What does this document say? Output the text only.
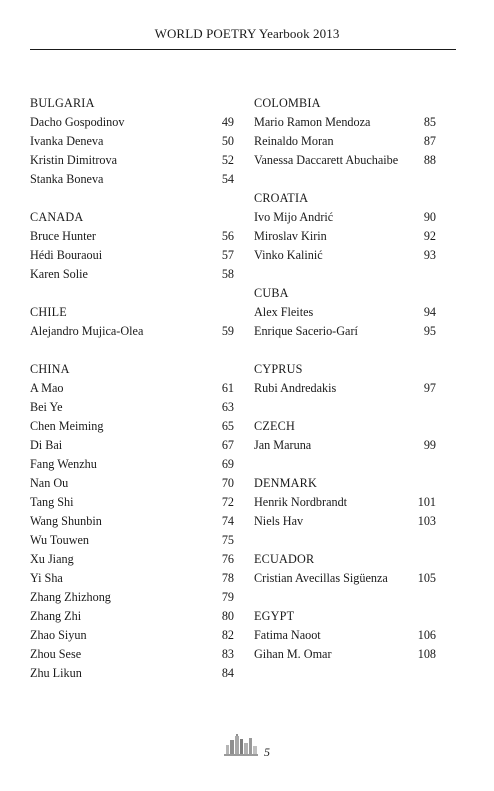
WORLD POETRY Yearbook 2013
BULGARIA
Dacho Gospodinov	49
Ivanka Deneva	50
Kristin Dimitrova	52
Stanka Boneva	54
CANADA
Bruce Hunter	56
Hédi Bouraoui	57
Karen Solie	58
CHILE
Alejandro Mujica-Olea	59
CHINA
A Mao	61
Bei Ye	63
Chen Meiming	65
Di Bai	67
Fang Wenzhu	69
Nan Ou	70
Tang Shi	72
Wang Shunbin	74
Wu Touwen	75
Xu Jiang	76
Yi Sha	78
Zhang Zhizhong	79
Zhang Zhi	80
Zhao Siyun	82
Zhou Sese	83
Zhu Likun	84
COLOMBIA
Mario Ramon Mendoza	85
Reinaldo Moran	87
Vanessa Daccarett Abuchaibe 88
CROATIA
Ivo Mijo Andrić	90
Miroslav Kirin	92
Vinko Kalinić	93
CUBA
Alex Fleites	94
Enrique Sacerio-Garí	95
CYPRUS
Rubi Andredakis	97
CZECH
Jan Maruna	99
DENMARK
Henrik Nordbrandt	101
Niels Hav	103
ECUADOR
Cristian Avecillas Sigüenza 105
EGYPT
Fatima Naoot	106
Gihan M. Omar	108
5
